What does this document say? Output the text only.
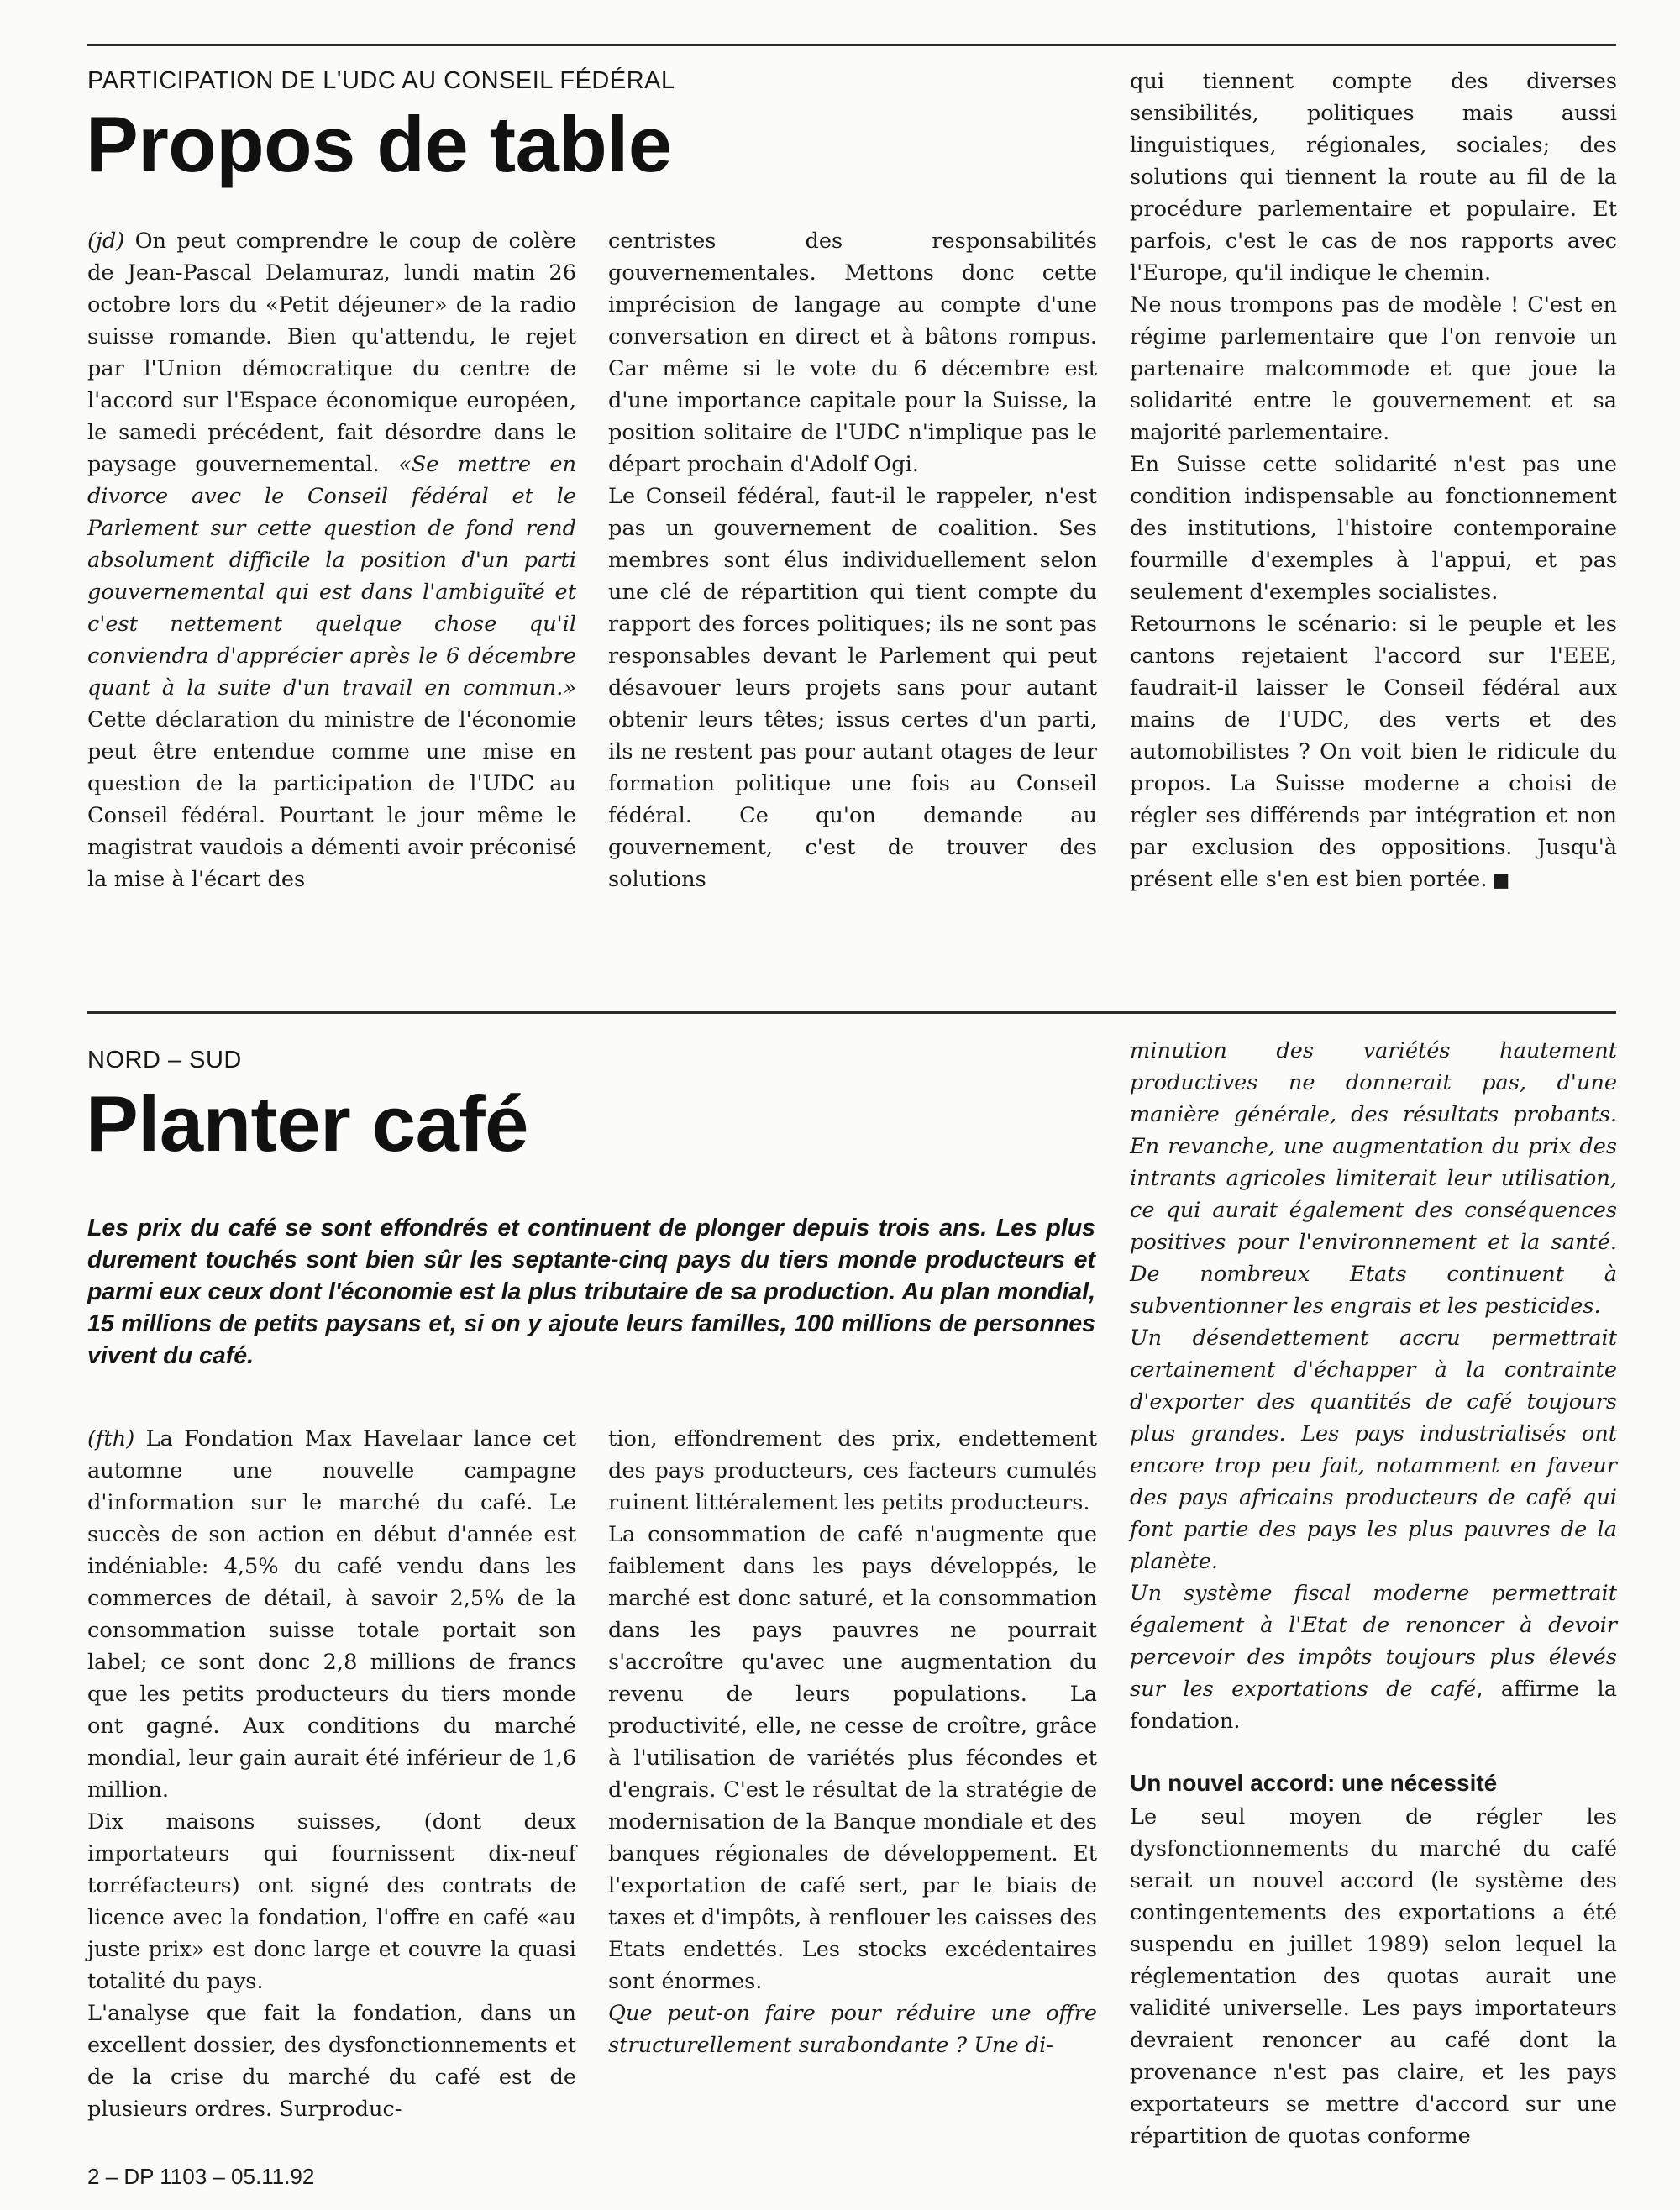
PARTICIPATION DE L'UDC AU CONSEIL FÉDÉRAL
Propos de table

(jd) On peut comprendre le coup de colère de Jean-Pascal Delamuraz, lundi matin 26 octobre lors du «Petit déjeuner» de la radio suisse romande. Bien qu'attendu, le rejet par l'Union démocratique du centre de l'accord sur l'Espace économique européen, le samedi précédent, fait désordre dans le paysage gouvernemental. «Se mettre en divorce avec le Conseil fédéral et le Parlement sur cette question de fond rend absolument difficile la position d'un parti gouvernemental qui est dans l'ambiguïté et c'est nettement quelque chose qu'il conviendra d'apprécier après le 6 décembre quant à la suite d'un travail en commun.» Cette déclaration du ministre de l'économie peut être entendue comme une mise en question de la participation de l'UDC au Conseil fédéral. Pourtant le jour même le magistrat vaudois a démenti avoir préconisé la mise à l'écart des

centristes des responsabilités gouvernementales. Mettons donc cette imprécision de langage au compte d'une conversation en direct et à bâtons rompus. Car même si le vote du 6 décembre est d'une importance capitale pour la Suisse, la position solitaire de l'UDC n'implique pas le départ prochain d'Adolf Ogi.

Le Conseil fédéral, faut-il le rappeler, n'est pas un gouvernement de coalition. Ses membres sont élus individuellement selon une clé de répartition qui tient compte du rapport des forces politiques; ils ne sont pas responsables devant le Parlement qui peut désavouer leurs projets sans pour autant obtenir leurs têtes; issus certes d'un parti, ils ne restent pas pour autant otages de leur formation politique une fois au Conseil fédéral. Ce qu'on demande au gouvernement, c'est de trouver des solutions

qui tiennent compte des diverses sensibilités, politiques mais aussi linguistiques, régionales, sociales; des solutions qui tiennent la route au fil de la procédure parlementaire et populaire. Et parfois, c'est le cas de nos rapports avec l'Europe, qu'il indique le chemin.

Ne nous trompons pas de modèle ! C'est en régime parlementaire que l'on renvoie un partenaire malcommode et que joue la solidarité entre le gouvernement et sa majorité parlementaire.

En Suisse cette solidarité n'est pas une condition indispensable au fonctionnement des institutions, l'histoire contemporaine fourmille d'exemples à l'appui, et pas seulement d'exemples socialistes.

Retournons le scénario: si le peuple et les cantons rejetaient l'accord sur l'EEE, faudrait-il laisser le Conseil fédéral aux mains de l'UDC, des verts et des automobilistes ? On voit bien le ridicule du propos. La Suisse moderne a choisi de régler ses différends par intégration et non par exclusion des oppositions. Jusqu'à présent elle s'en est bien portée. ■

NORD – SUD
Planter café

Les prix du café se sont effondrés et continuent de plonger depuis trois ans. Les plus durement touchés sont bien sûr les septante-cinq pays du tiers monde producteurs et parmi eux ceux dont l'économie est la plus tributaire de sa production. Au plan mondial, 15 millions de petits paysans et, si on y ajoute leurs familles, 100 millions de personnes vivent du café.

(fth) La Fondation Max Havelaar lance cet automne une nouvelle campagne d'information sur le marché du café. Le succès de son action en début d'année est indéniable: 4,5% du café vendu dans les commerces de détail, à savoir 2,5% de la consommation suisse totale portait son label; ce sont donc 2,8 millions de francs que les petits producteurs du tiers monde ont gagné. Aux conditions du marché mondial, leur gain aurait été inférieur de 1,6 million.

Dix maisons suisses, (dont deux importateurs qui fournissent dix-neuf torréfacteurs) ont signé des contrats de licence avec la fondation, l'offre en café «au juste prix» est donc large et couvre la quasi totalité du pays.

L'analyse que fait la fondation, dans un excellent dossier, des dysfonctionnements et de la crise du marché du café est de plusieurs ordres. Surproduc-

tion, effondrement des prix, endettement des pays producteurs, ces facteurs cumulés ruinent littéralement les petits producteurs.

La consommation de café n'augmente que faiblement dans les pays développés, le marché est donc saturé, et la consommation dans les pays pauvres ne pourrait s'accroître qu'avec une augmentation du revenu de leurs populations. La productivité, elle, ne cesse de croître, grâce à l'utilisation de variétés plus fécondes et d'engrais. C'est le résultat de la stratégie de modernisation de la Banque mondiale et des banques régionales de développement. Et l'exportation de café sert, par le biais de taxes et d'impôts, à renflouer les caisses des Etats endettés. Les stocks excédentaires sont énormes.

Que peut-on faire pour réduire une offre structurellement surabondante ? Une di-

minution des variétés hautement productives ne donnerait pas, d'une manière générale, des résultats probants. En revanche, une augmentation du prix des intrants agricoles limiterait leur utilisation, ce qui aurait également des conséquences positives pour l'environnement et la santé. De nombreux Etats continuent à subventionner les engrais et les pesticides.

Un désendettement accru permettrait certainement d'échapper à la contrainte d'exporter des quantités de café toujours plus grandes. Les pays industrialisés ont encore trop peu fait, notamment en faveur des pays africains producteurs de café qui font partie des pays les plus pauvres de la planète.

Un système fiscal moderne permettrait également à l'Etat de renoncer à devoir percevoir des impôts toujours plus élevés sur les exportations de café, affirme la fondation.

Un nouvel accord: une nécessité

Le seul moyen de régler les dysfonctionnements du marché du café serait un nouvel accord (le système des contingentements des exportations a été suspendu en juillet 1989) selon lequel la réglementation des quotas aurait une validité universelle. Les pays importateurs devraient renoncer au café dont la provenance n'est pas claire, et les pays exportateurs se mettre d'accord sur une répartition de quotas conforme

2 – DP 1103 – 05.11.92
